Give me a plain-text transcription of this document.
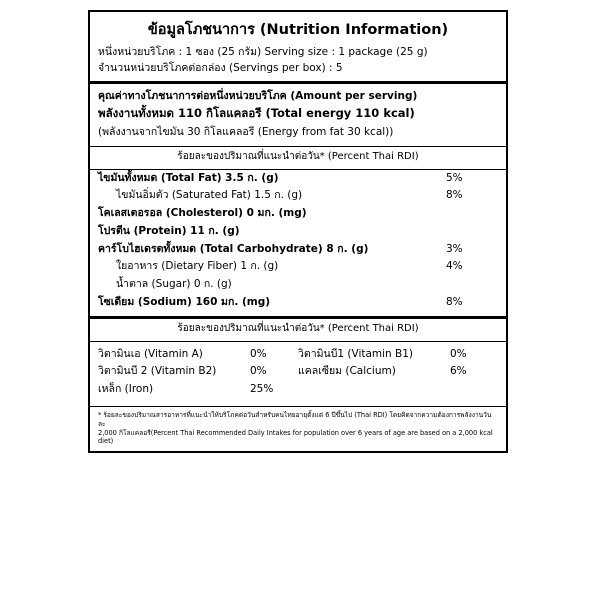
ข้อมูลโภชนาการ (Nutrition Information)
หนึ่งหน่วยบริโภค : 1 ซอง (25 กรัม) Serving size : 1 package (25 g)
จำนวนหน่วยบริโภคต่อกล่อง (Servings per box) : 5
คุณค่าทางโภชนาการต่อหนึ่งหน่วยบริโภค (Amount per serving)
พลังงานทั้งหมด 110 กิโลแคลอรี (Total energy 110 kcal)
(พลังงานจากไขมัน 30 กิโลแคลอรี (Energy from fat 30 kcal))
ร้อยละของปริมาณที่แนะนำต่อวัน* (Percent Thai RDI)
ไขมันทั้งหมด (Total Fat) 3.5 ก. (g)	5%
ไขมันอิ่มตัว (Saturated Fat) 1.5 ก. (g)	8%
โคเลสเตอรอล (Cholesterol) 0 มก. (mg)
โปรตีน (Protein) 11 ก. (g)
คาร์โบไฮเดรตทั้งหมด (Total Carbohydrate) 8 ก. (g)	3%
ใยอาหาร (Dietary Fiber) 1 ก. (g)	4%
น้ำตาล (Sugar) 0 ก. (g)
โซเดียม (Sodium) 160 มก. (mg)	8%
ร้อยละของปริมาณที่แนะนำต่อวัน* (Percent Thai RDI)
วิตามินเอ (Vitamin A)	0%	วิตามินบี1 (Vitamin B1)	0%
วิตามินบี 2 (Vitamin B2)	0%	แคลเซียม (Calcium)	6%
เหล็ก (Iron)	25%
* ร้อยละของปริมาณสารอาหารที่แนะนำให้บริโภคต่อวันสำหรับคนไทยอายุตั้งแต่ 6 ปีขึ้นไป (Thai RDI) โดยคิดจากความต้องการพลังงานวันละ
2,000 กิโลแคลอรี(Percent Thai Recommended Daily Intakes for population over 6 years of age are based on a 2,000 kcal diet)
